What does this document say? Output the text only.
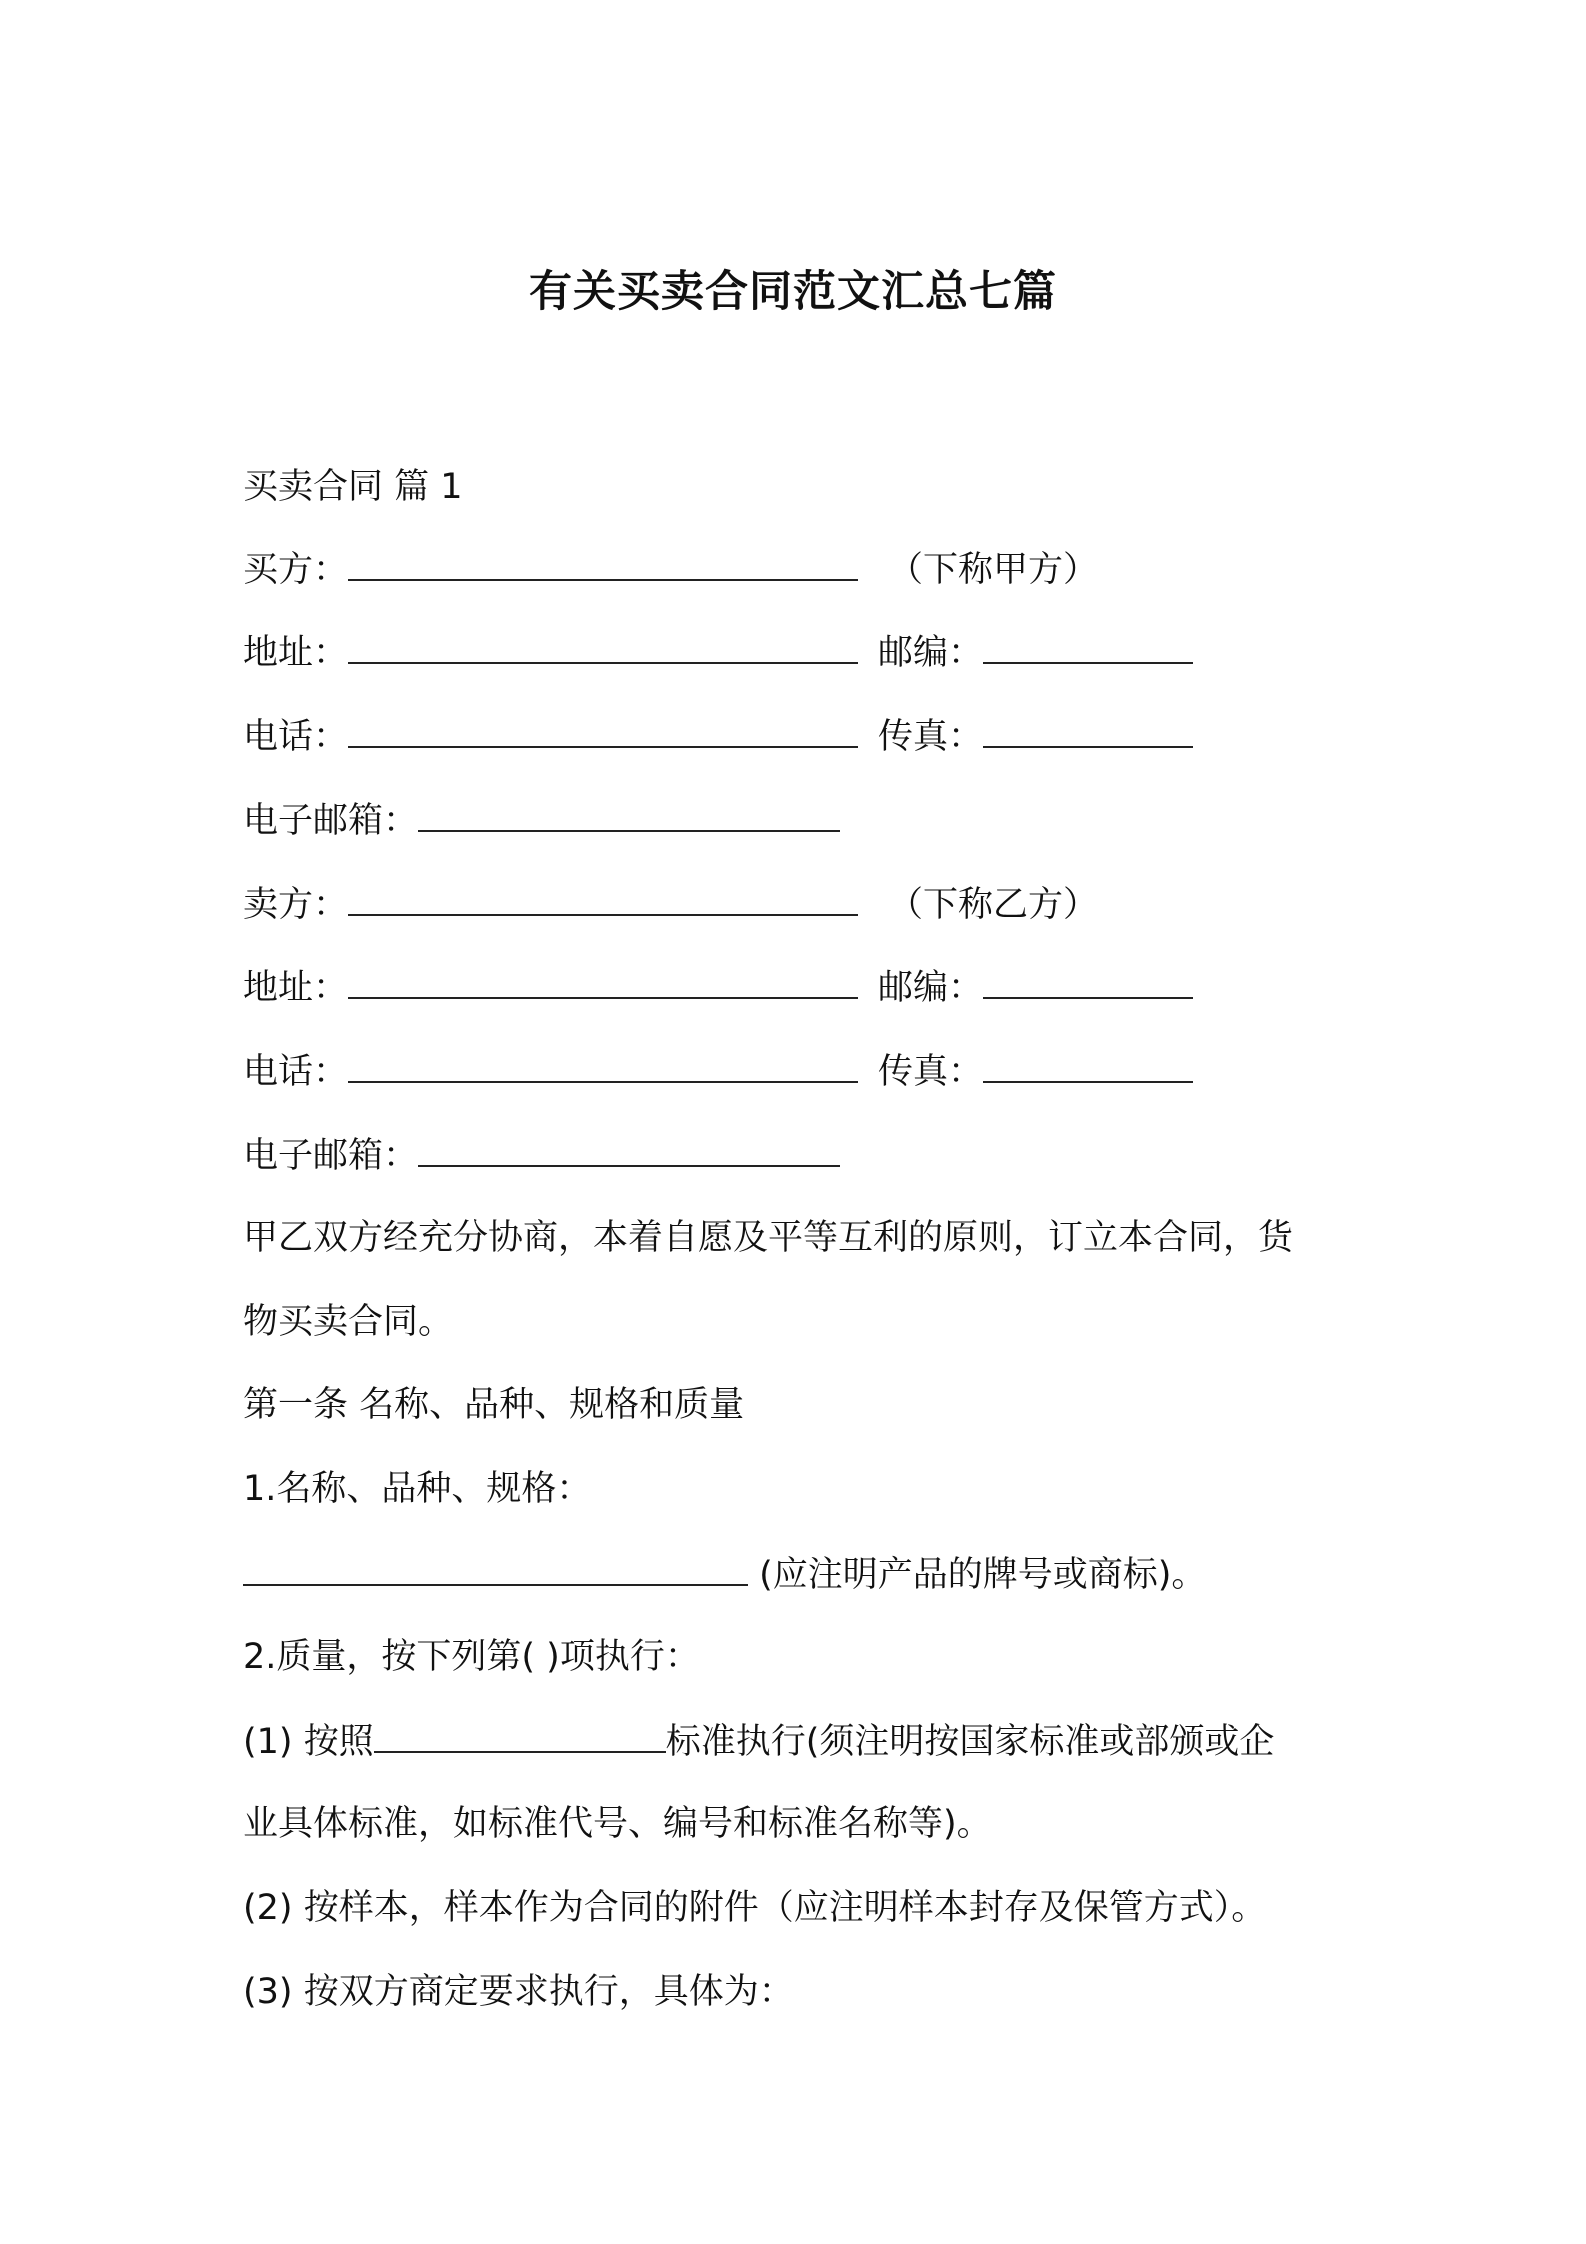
有关买卖合同范文汇总七篇
买卖合同 篇 1
买方：	（下称甲方）
地址：	邮编：
电话：	传真：
电子邮箱：
卖方：	（下称乙方）
地址：	邮编：
电话：	传真：
电子邮箱：
甲乙双方经充分协商，本着自愿及平等互利的原则，订立本合同，货
物买卖合同。
第一条 名称、品种、规格和质量
1.名称、品种、规格：
(应注明产品的牌号或商标)。
2.质量，按下列第( )项执行：
(1) 按照	标准执行(须注明按国家标准或部颁或企
业具体标准，如标准代号、编号和标准名称等)。
(2) 按样本，样本作为合同的附件（应注明样本封存及保管方式）。
(3) 按双方商定要求执行，具体为：
